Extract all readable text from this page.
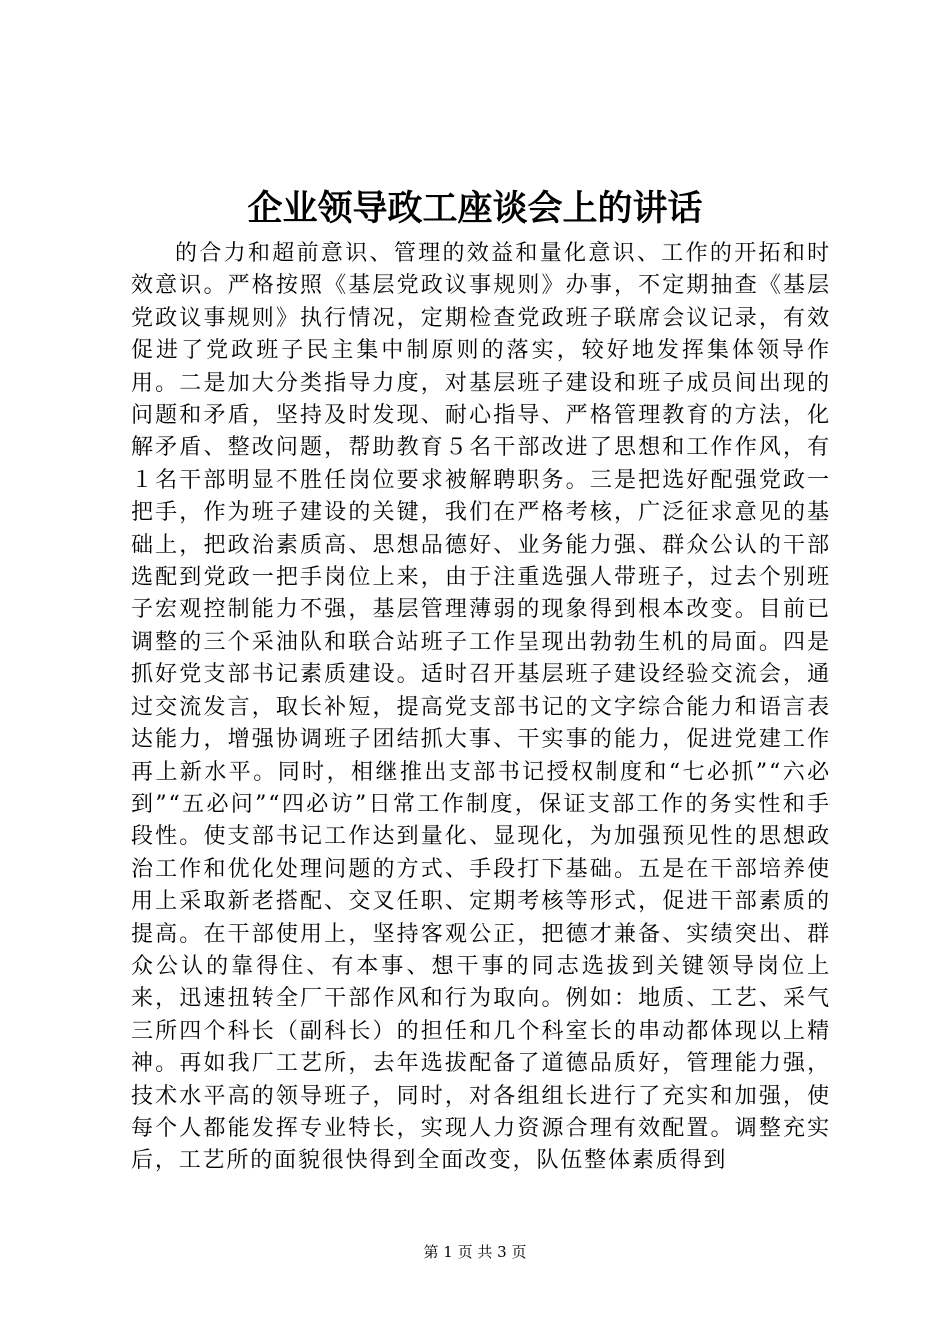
企业领导政工座谈会上的讲话

的合力和超前意识、管理的效益和量化意识、工作的开拓和时效意识。严格按照《基层党政议事规则》办事，不定期抽查《基层党政议事规则》执行情况，定期检查党政班子联席会议记录，有效促进了党政班子民主集中制原则的落实，较好地发挥集体领导作用。二是加大分类指导力度，对基层班子建设和班子成员间出现的问题和矛盾，坚持及时发现、耐心指导、严格管理教育的方法，化解矛盾、整改问题，帮助教育５名干部改进了思想和工作作风，有１名干部明显不胜任岗位要求被解聘职务。三是把选好配强党政一把手，作为班子建设的关键，我们在严格考核，广泛征求意见的基础上，把政治素质高、思想品德好、业务能力强、群众公认的干部选配到党政一把手岗位上来，由于注重选强人带班子，过去个别班子宏观控制能力不强，基层管理薄弱的现象得到根本改变。目前已调整的三个采油队和联合站班子工作呈现出勃勃生机的局面。四是抓好党支部书记素质建设。适时召开基层班子建设经验交流会，通过交流发言，取长补短，提高党支部书记的文字综合能力和语言表达能力，增强协调班子团结抓大事、干实事的能力，促进党建工作再上新水平。同时，相继推出支部书记授权制度和“七必抓”“六必到”“五必问”“四必访”日常工作制度，保证支部工作的务实性和手段性。使支部书记工作达到量化、显现化，为加强预见性的思想政治工作和优化处理问题的方式、手段打下基础。五是在干部培养使用上采取新老搭配、交叉任职、定期考核等形式，促进干部素质的提高。在干部使用上，坚持客观公正，把德才兼备、实绩突出、群众公认的靠得住、有本事、想干事的同志选拔到关键领导岗位上来，迅速扭转全厂干部作风和行为取向。例如：地质、工艺、采气三所四个科长（副科长）的担任和几个科室长的串动都体现以上精神。再如我厂工艺所，去年选拔配备了道德品质好，管理能力强，技术水平高的领导班子，同时，对各组组长进行了充实和加强，使每个人都能发挥专业特长，实现人力资源合理有效配置。调整充实后，工艺所的面貌很快得到全面改变，队伍整体素质得到

第 1 页 共 3 页
